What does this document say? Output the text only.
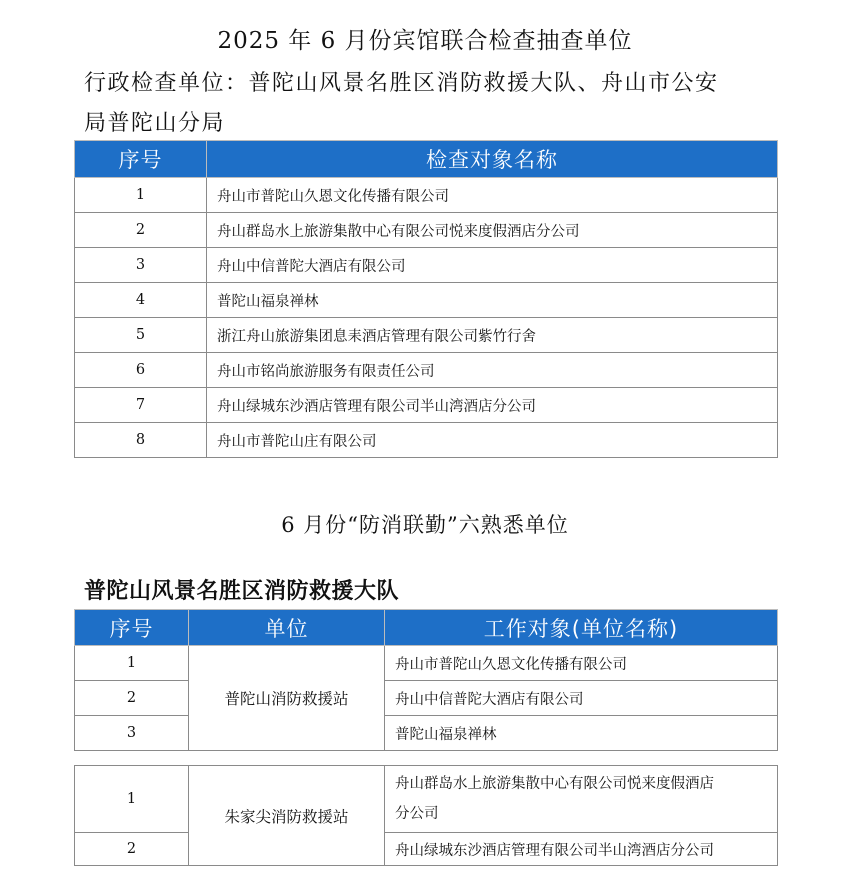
2025 年 6 月份宾馆联合检查抽查单位
行政检查单位：普陀山风景名胜区消防救援大队、舟山市公安
局普陀山分局
序号	检查对象名称
1	舟山市普陀山久恩文化传播有限公司
2	舟山群岛水上旅游集散中心有限公司悦来度假酒店分公司
3	舟山中信普陀大酒店有限公司
4	普陀山福泉禅林
5	浙江舟山旅游集团息耒酒店管理有限公司紫竹行舍
6	舟山市铭尚旅游服务有限责任公司
7	舟山绿城东沙酒店管理有限公司半山湾酒店分公司
8	舟山市普陀山庄有限公司
6 月份“防消联勤”六熟悉单位
普陀山风景名胜区消防救援大队
序号	单位	工作对象(单位名称)
1	普陀山消防救援站	舟山市普陀山久恩文化传播有限公司
2		舟山中信普陀大酒店有限公司
3		普陀山福泉禅林
1	朱家尖消防救援站	舟山群岛水上旅游集散中心有限公司悦来度假酒店
分公司

2		舟山绿城东沙酒店管理有限公司半山湾酒店分公司
